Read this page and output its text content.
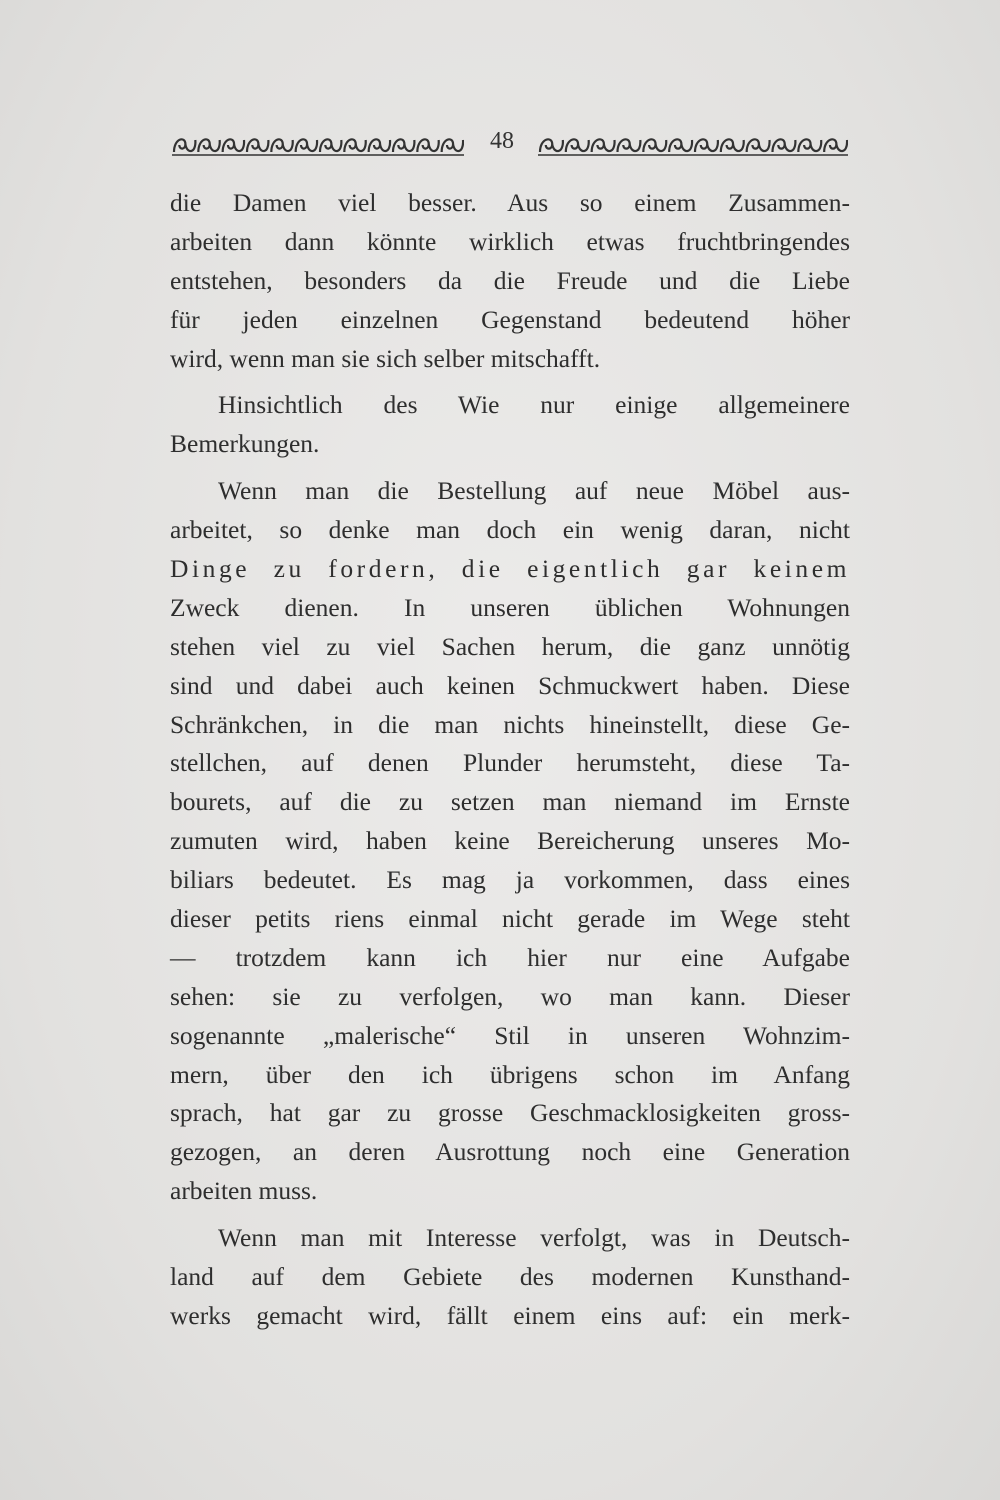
48
die Damen viel besser. Aus so einem Zusammen-
arbeiten dann könnte wirklich etwas fruchtbringendes
entstehen, besonders da die Freude und die Liebe
für jeden einzelnen Gegenstand bedeutend höher
wird, wenn man sie sich selber mitschafft.
Hinsichtlich des Wie nur einige allgemeinere
Bemerkungen.
Wenn man die Bestellung auf neue Möbel aus-
arbeitet, so denke man doch ein wenig daran, nicht
Dinge zu fordern, die eigentlich gar keinem
Zweck dienen. In unseren üblichen Wohnungen
stehen viel zu viel Sachen herum, die ganz unnötig
sind und dabei auch keinen Schmuckwert haben. Diese
Schränkchen, in die man nichts hineinstellt, diese Ge-
stellchen, auf denen Plunder herumsteht, diese Ta-
bourets, auf die zu setzen man niemand im Ernste
zumuten wird, haben keine Bereicherung unseres Mo-
biliars bedeutet. Es mag ja vorkommen, dass eines
dieser petits riens einmal nicht gerade im Wege steht
— trotzdem kann ich hier nur eine Aufgabe
sehen: sie zu verfolgen, wo man kann. Dieser
sogenannte „malerische“ Stil in unseren Wohnzim-
mern, über den ich übrigens schon im Anfang
sprach, hat gar zu grosse Geschmacklosigkeiten gross-
gezogen, an deren Ausrottung noch eine Generation
arbeiten muss.
Wenn man mit Interesse verfolgt, was in Deutsch-
land auf dem Gebiete des modernen Kunsthand-
werks gemacht wird, fällt einem eins auf: ein merk-
